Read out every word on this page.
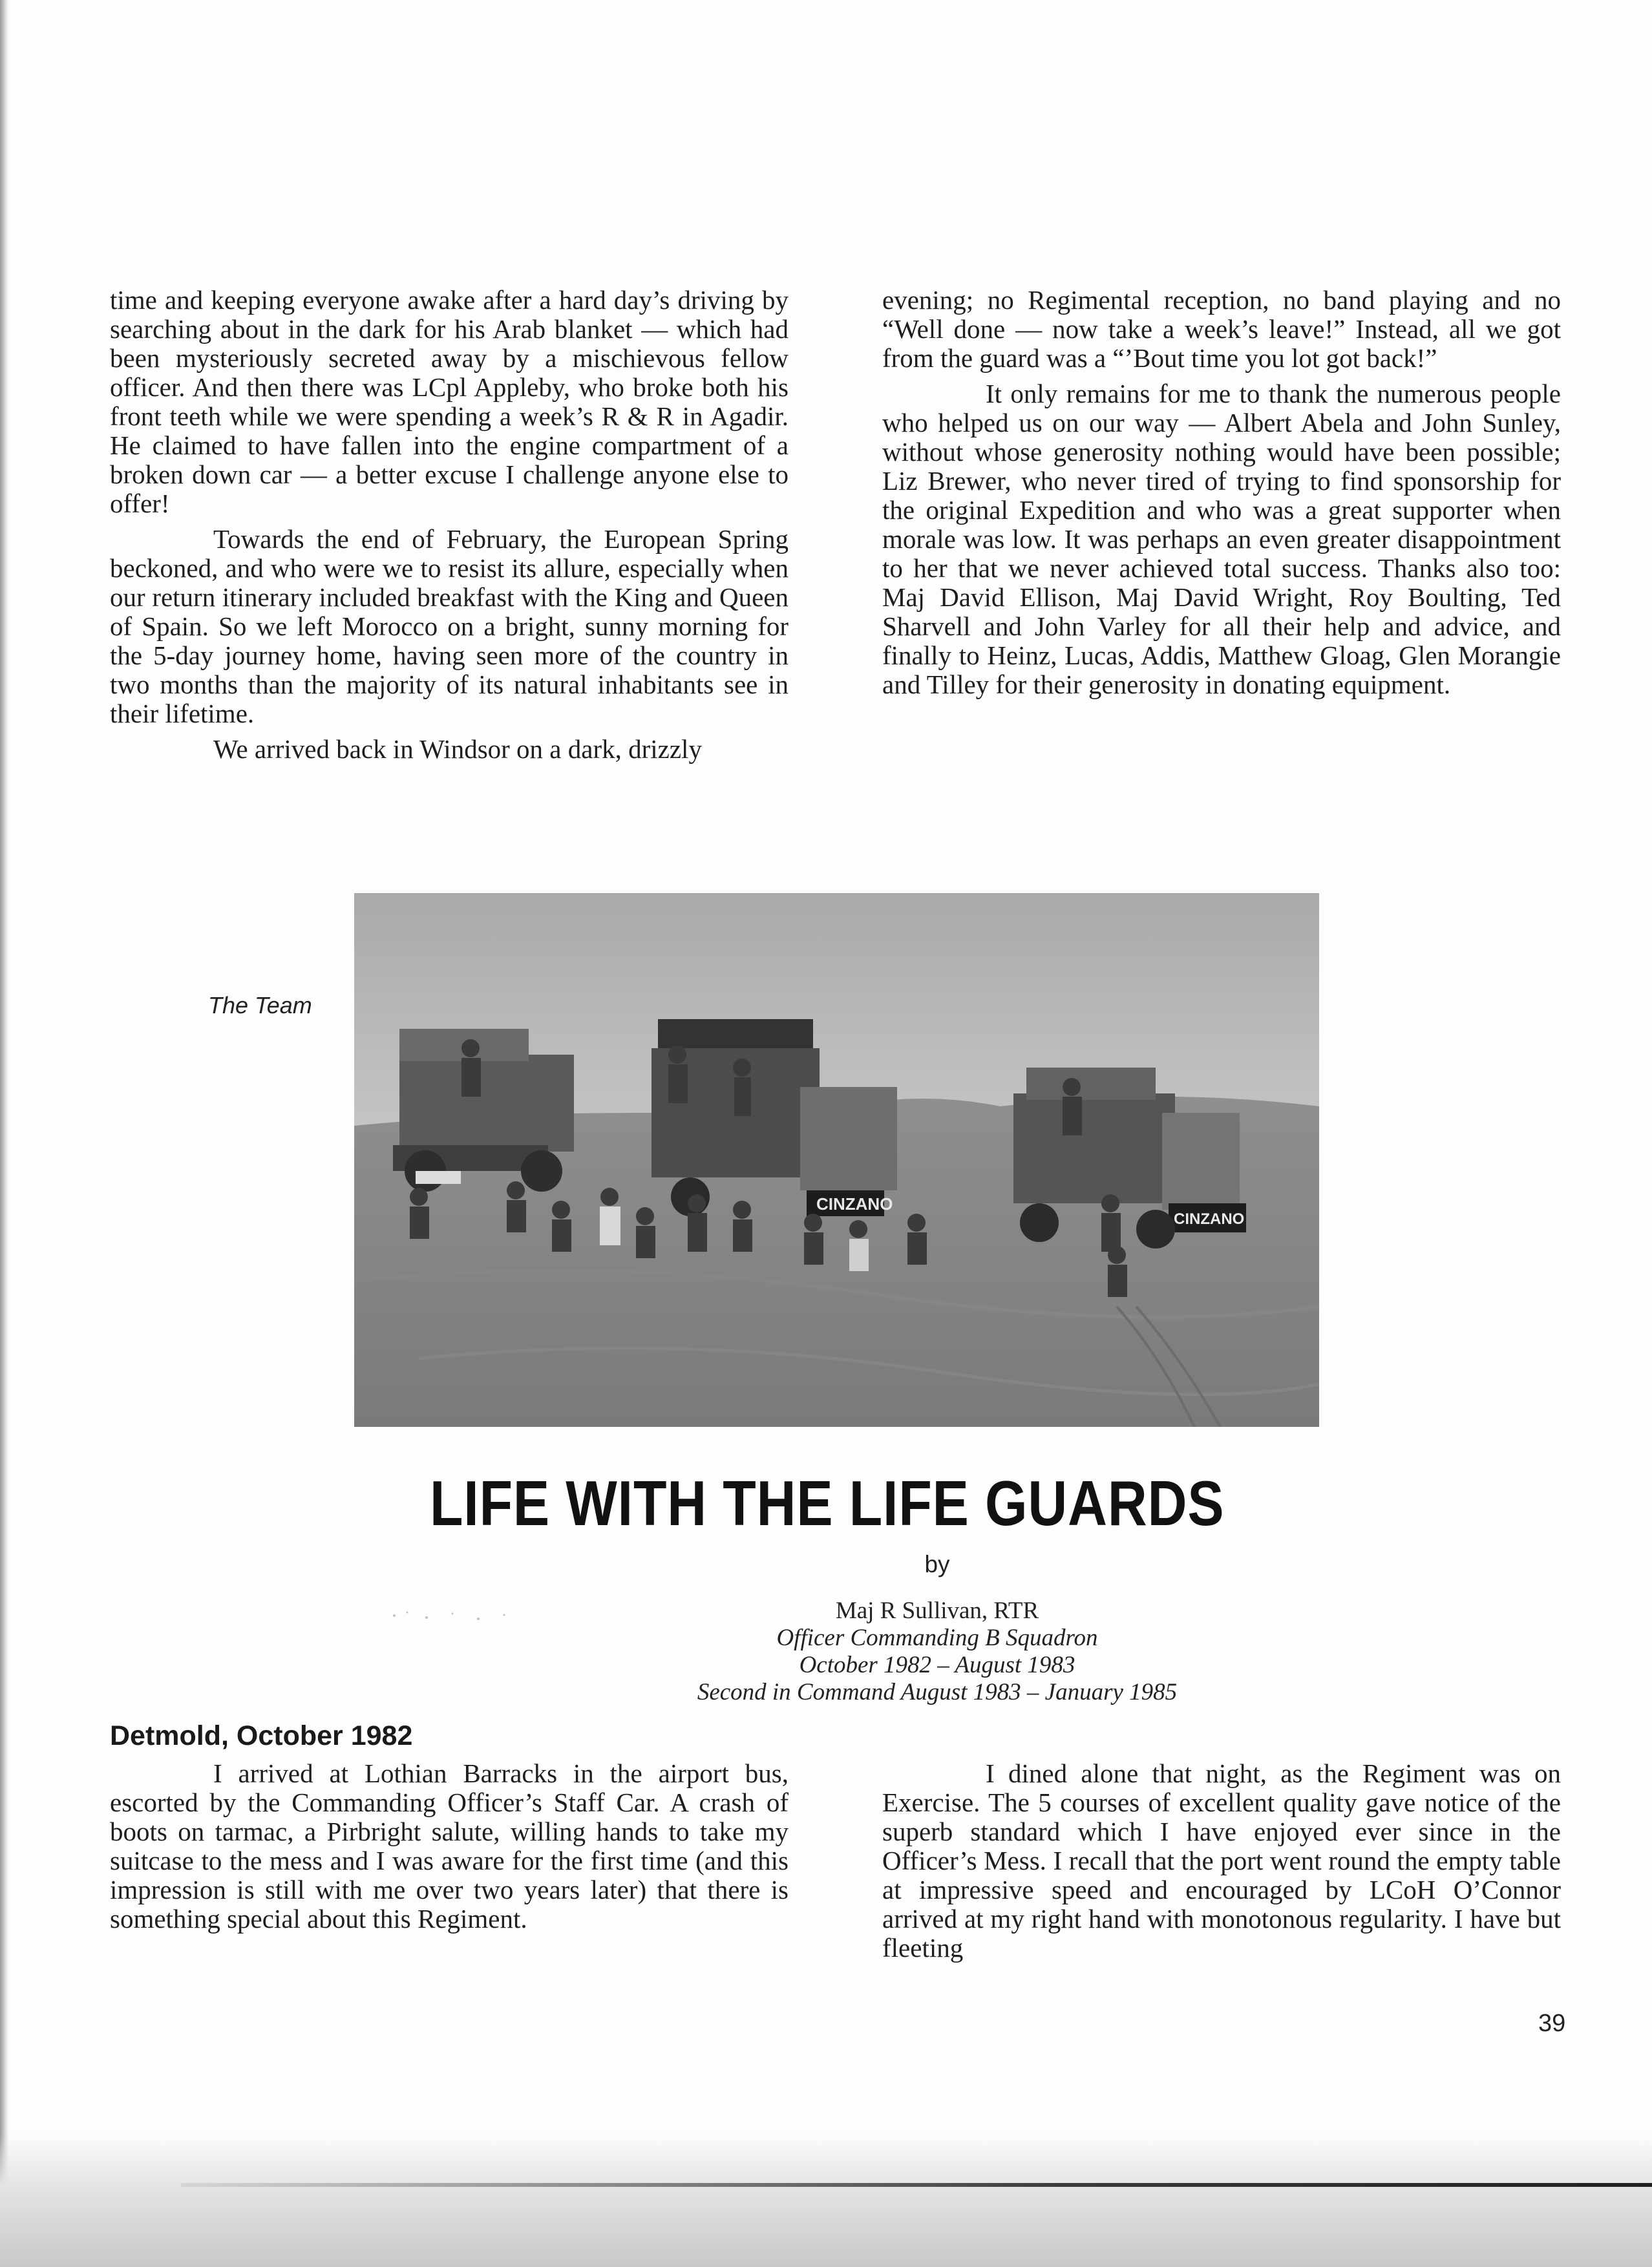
time and keeping everyone awake after a hard day’s driving by searching about in the dark for his Arab blanket — which had been mysteriously secreted away by a mischievous fellow officer. And then there was LCpl Appleby, who broke both his front teeth while we were spending a week’s R & R in Agadir. He claimed to have fallen into the engine compartment of a broken down car — a better excuse I challenge anyone else to offer!

Towards the end of February, the European Spring beckoned, and who were we to resist its allure, especially when our return itinerary included breakfast with the King and Queen of Spain. So we left Morocco on a bright, sunny morning for the 5-day journey home, having seen more of the country in two months than the majority of its natural inhabitants see in their lifetime.

We arrived back in Windsor on a dark, drizzly

evening; no Regimental reception, no band playing and no “Well done — now take a week’s leave!” Instead, all we got from the guard was a “’Bout time you lot got back!”

It only remains for me to thank the numerous people who helped us on our way — Albert Abela and John Sunley, without whose generosity nothing would have been possible; Liz Brewer, who never tired of trying to find sponsorship for the original Expedition and who was a great supporter when morale was low. It was perhaps an even greater disappointment to her that we never achieved total success. Thanks also too: Maj David Ellison, Maj David Wright, Roy Boulting, Ted Sharvell and John Varley for all their help and advice, and finally to Heinz, Lucas, Addis, Matthew Gloag, Glen Morangie and Tilley for their generosity in donating equipment.

The Team
CINZANO
CINZANO
LIFE WITH THE LIFE GUARDS
by
Maj R Sullivan, RTR
Officer Commanding B Squadron
October 1982 – August 1983
Second in Command August 1983 – January 1985
Detmold, October 1982

I arrived at Lothian Barracks in the airport bus, escorted by the Commanding Officer’s Staff Car. A crash of boots on tarmac, a Pirbright salute, willing hands to take my suitcase to the mess and I was aware for the first time (and this impression is still with me over two years later) that there is something special about this Regiment.

I dined alone that night, as the Regiment was on Exercise. The 5 courses of excellent quality gave notice of the superb standard which I have enjoyed ever since in the Officer’s Mess. I recall that the port went round the empty table at impressive speed and encouraged by LCoH O’Connor arrived at my right hand with monotonous regularity. I have but fleeting

39
